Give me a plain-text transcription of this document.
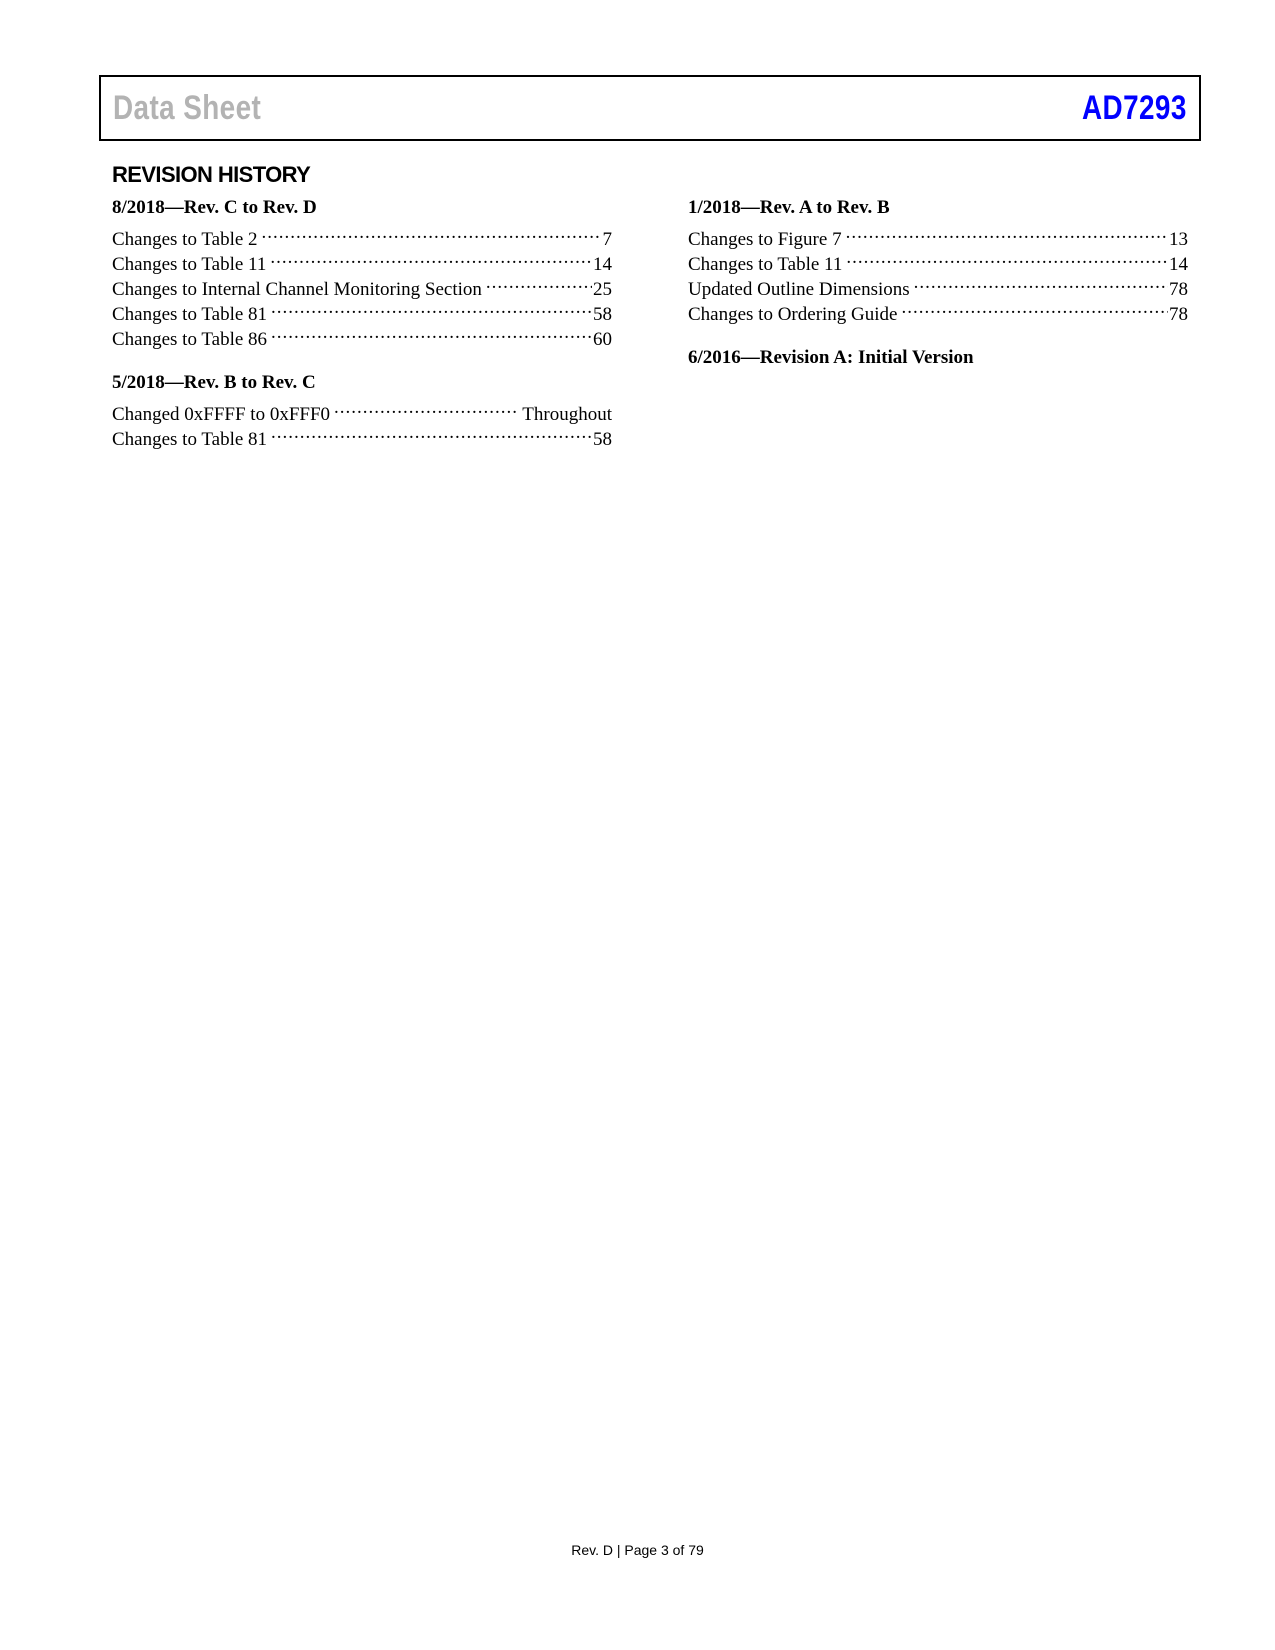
Data Sheet	AD7293
REVISION HISTORY
8/2018—Rev. C to Rev. D
Changes to Table 2 .....	7
Changes to Table 11 .....	14
Changes to Internal Channel Monitoring Section .....	25
Changes to Table 81 .....	58
Changes to Table 86 .....	60
5/2018—Rev. B to Rev. C
Changed 0xFFFF to 0xFFF0 .....	Throughout
Changes to Table 81 .....	58
1/2018—Rev. A to Rev. B
Changes to Figure 7 .....	13
Changes to Table 11 .....	14
Updated Outline Dimensions .....	78
Changes to Ordering Guide .....	78
6/2016—Revision A: Initial Version
Rev. D | Page 3 of 79
